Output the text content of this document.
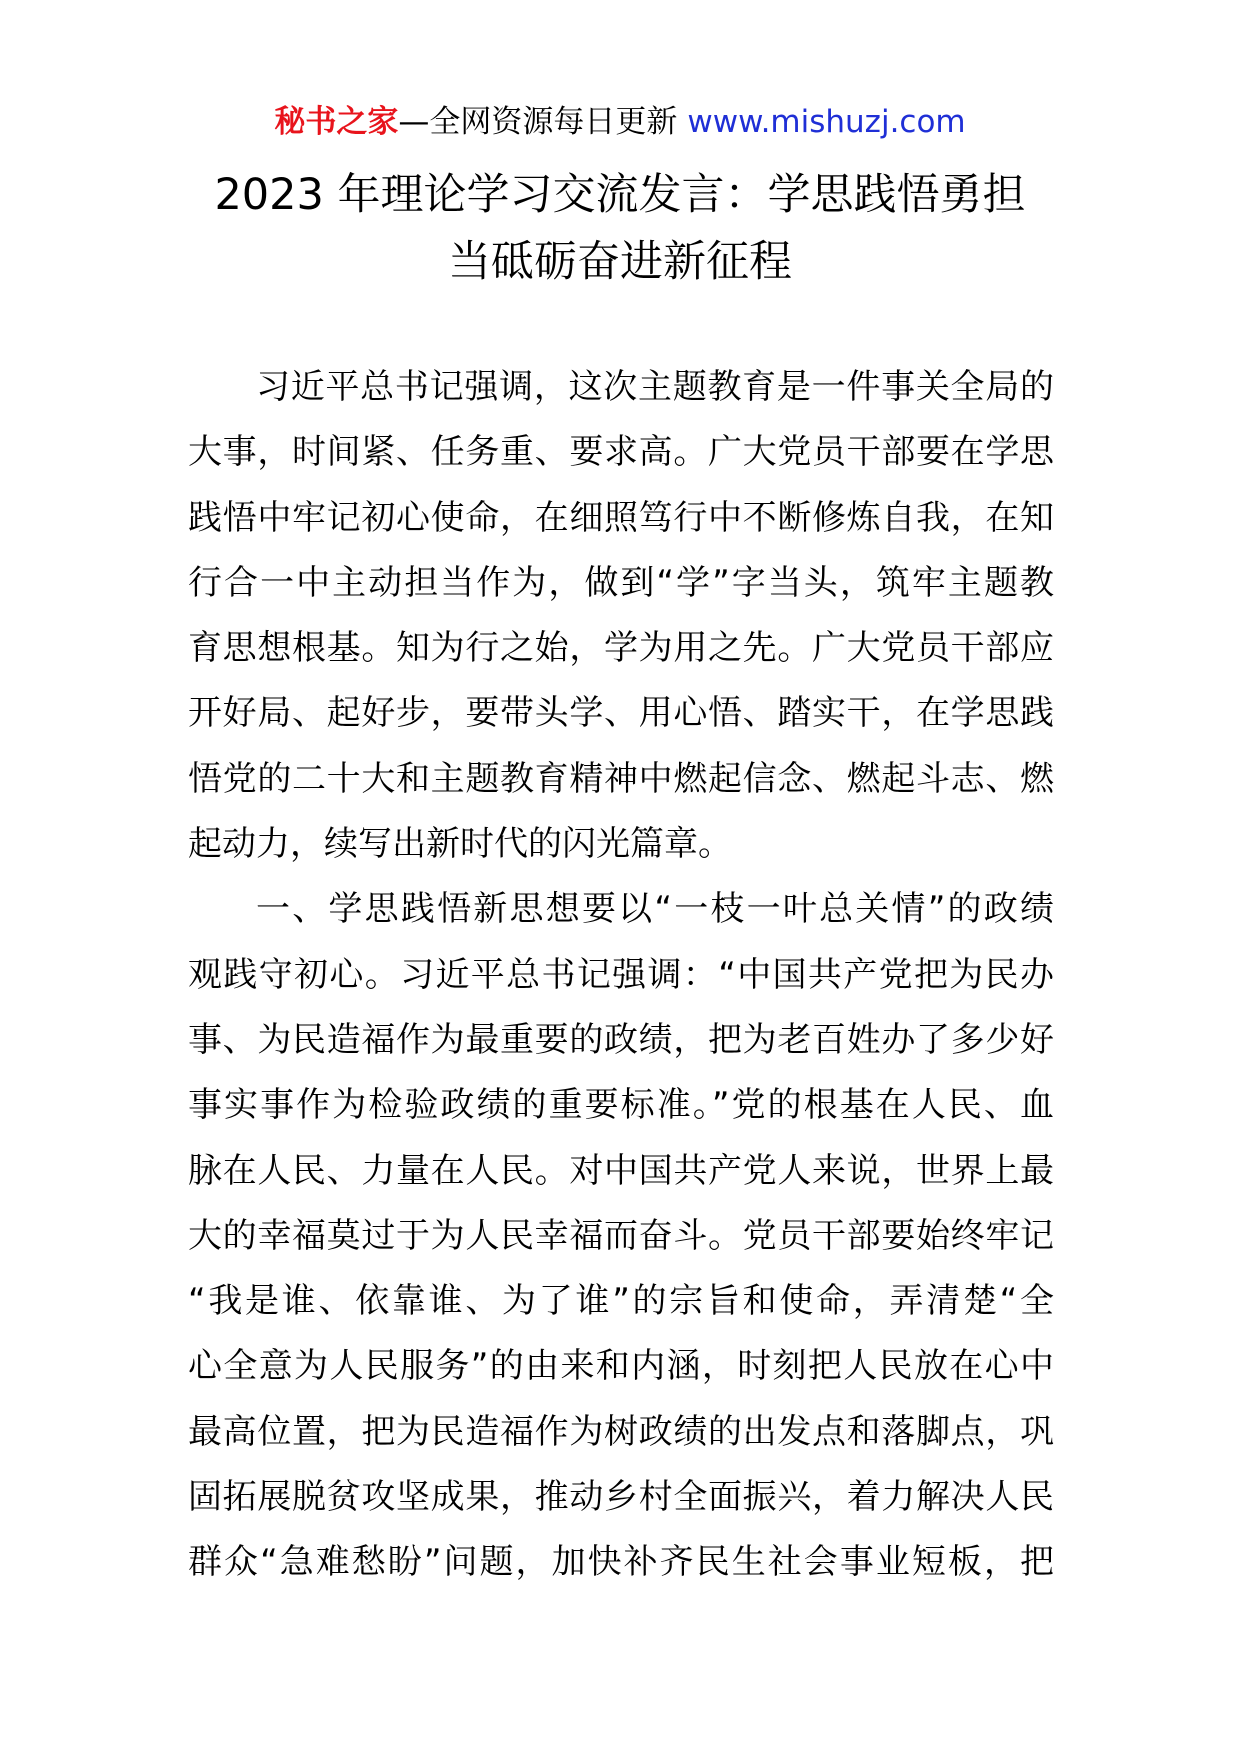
秘书之家—全网资源每日更新 www.mishuzj.com
2023 年理论学习交流发言：学思践悟勇担
当砥砺奋进新征程
习近平总书记强调，这次主题教育是一件事关全局的
大事，时间紧、任务重、要求高。广大党员干部要在学思
践悟中牢记初心使命，在细照笃行中不断修炼自我，在知
行合一中主动担当作为，做到“学”字当头，筑牢主题教
育思想根基。知为行之始，学为用之先。广大党员干部应
开好局、起好步，要带头学、用心悟、踏实干，在学思践
悟党的二十大和主题教育精神中燃起信念、燃起斗志、燃
起动力，续写出新时代的闪光篇章。
一、学思践悟新思想要以“一枝一叶总关情”的政绩
观践守初心。习近平总书记强调：“中国共产党把为民办
事、为民造福作为最重要的政绩，把为老百姓办了多少好
事实事作为检验政绩的重要标准。”党的根基在人民、血
脉在人民、力量在人民。对中国共产党人来说，世界上最
大的幸福莫过于为人民幸福而奋斗。党员干部要始终牢记
“我是谁、依靠谁、为了谁”的宗旨和使命，弄清楚“全
心全意为人民服务”的由来和内涵，时刻把人民放在心中
最高位置，把为民造福作为树政绩的出发点和落脚点，巩
固拓展脱贫攻坚成果，推动乡村全面振兴，着力解决人民
群众“急难愁盼”问题，加快补齐民生社会事业短板，把
